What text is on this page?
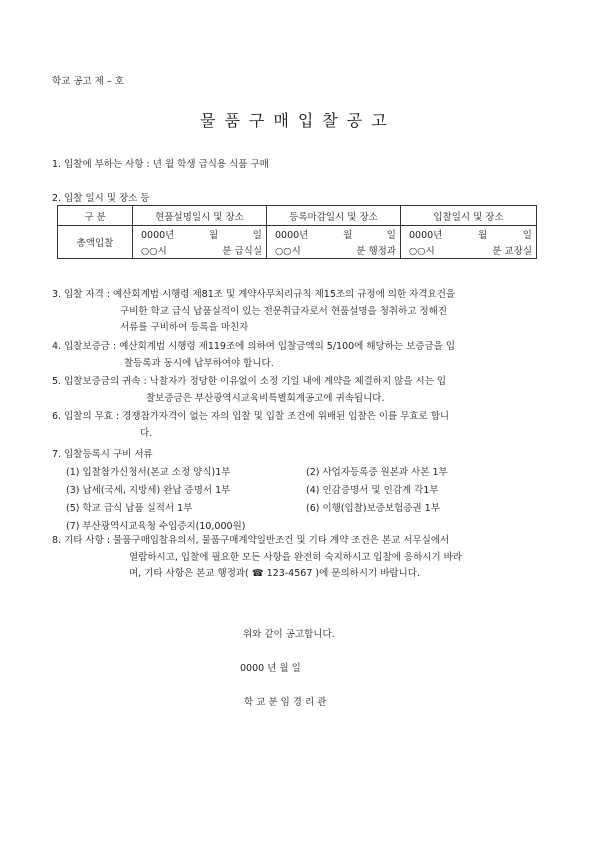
학교 공고 제 – 호
물품구매입찰공고
1. 입찰에 부하는 사항 : 년 월 학생 급식용 식품 구매
2. 입찰 일시 및 장소 등
구 분	현품설명일시 및 장소	등록마감일시 및 장소	입찰일시 및 장소
총액입찰	0000년 월 일	0000년 월 일	0000년 월 일

	○○시 분 급식실	○○시 분 행정과	○○시 분 교장실
3. 입찰 자격 : 예산회계법 시행령 제81조 및 계약사무처리규칙 제15조의 규정에 의한 자격요건을
구비한 학교 급식 납품실적이 있는 전문취급자로서 현품설명을 청취하고 정해진
서류를 구비하여 등록을 마친자
4. 입찰보증금 : 예산회계법 시행령 제119조에 의하여 입찰금액의 5/100에 해당하는 보증금을 입
찰등록과 동시에 납부하여야 합니다.
5. 입찰보증금의 귀속 : 낙찰자가 정당한 이유없이 소정 기일 내에 계약을 체결하지 않을 시는 입
찰보증금은 부산광역시교육비특별회계공고에 귀속됩니다.
6. 입찰의 무효 : 경쟁참가자격이 없는 자의 입찰 및 입찰 조건에 위배된 입찰은 이를 무효로 합니
다.
7. 입찰등록시 구비 서류
(1) 입찰참가신청서(본교 소정 양식)1부	(2) 사업자등록증 원본과 사본 1부
(3) 납세(국세, 지방세) 완납 증명서 1부	(4) 인감증명서 및 인감계 각1부
(5) 학교 급식 납품 실적서 1부	(6) 이행(입찰)보증보험증권 1부
(7) 부산광역시교육청 수입증지(10,000원)
8. 기타 사항 : 물품구매입찰유의서, 물품구매계약일반조건 및 기타 계약 조건은 본교 서무실에서
열람하시고, 입찰에 필요한 모든 사항을 완전히 숙지하시고 입찰에 응하시기 바라
며, 기타 사항은 본교 행정과( ☎ 123-4567 )에 문의하시기 바랍니다.
위와 같이 공고합니다.
0000 년 월 일
학 교 분 임 경 리 관
